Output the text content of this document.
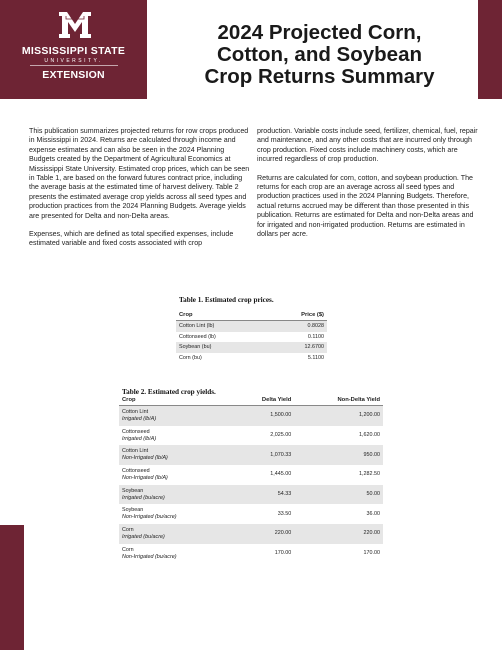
MISSISSIPPI STATE
UNIVERSITY.
EXTENSION
2024 Projected Corn,
Cotton, and Soybean
Crop Returns Summary

This publication summarizes projected returns for row crops produced in Mississippi in 2024. Returns are calculated through income and expense estimates and can also be seen in the 2024 Planning Budgets created by the Department of Agricultural Economics at Mississippi State University. Estimated crop prices, which can be seen in Table 1, are based on the forward futures contract price, including the average basis at the estimated time of harvest delivery. Table 2 presents the estimated average crop yields across all seed types and production practices from the 2024 Planning Budgets. Average yields are presented for Delta and non-Delta areas.

Expenses, which are defined as total specified expenses, include estimated variable and fixed costs associated with crop

production. Variable costs include seed, fertilizer, chemical, fuel, repair and maintenance, and any other costs that are incurred only through crop production. Fixed costs include machinery costs, which are incurred regardless of crop production.

Returns are calculated for corn, cotton, and soybean production. The returns for each crop are an average across all seed types and production practices used in the 2024 Planning Budgets. Therefore, actual returns accrued may be different than those presented in this publication. Returns are estimated for Delta and non-Delta areas and for irrigated and non-irrigated production. Returns are estimated in dollars per acre.

Table 1. Estimated crop prices.
Crop	Price ($)
Cotton Lint (lb)	0.8028
Cottonseed (lb)	0.1100
Soybean (bu)	12.6700
Corn (bu)	5.1100
Table 2. Estimated crop yields.
Crop	Delta Yield	Non-Delta Yield
Cotton Lint
Irrigated (lb/A)	1,500.00	1,200.00
Cottonseed
Irrigated (lb/A)	2,025.00	1,620.00
Cotton Lint
Non-Irrigated (lb/A)	1,070.33	950.00
Cottonseed
Non-Irrigated (lb/A)	1,445.00	1,282.50
Soybean
Irrigated (bu/acre)	54.33	50.00
Soybean
Non-Irrigated (bu/acre)	33.50	36.00
Corn
Irrigated (bu/acre)	220.00	220.00
Corn
Non-Irrigated (bu/acre)	170.00	170.00
